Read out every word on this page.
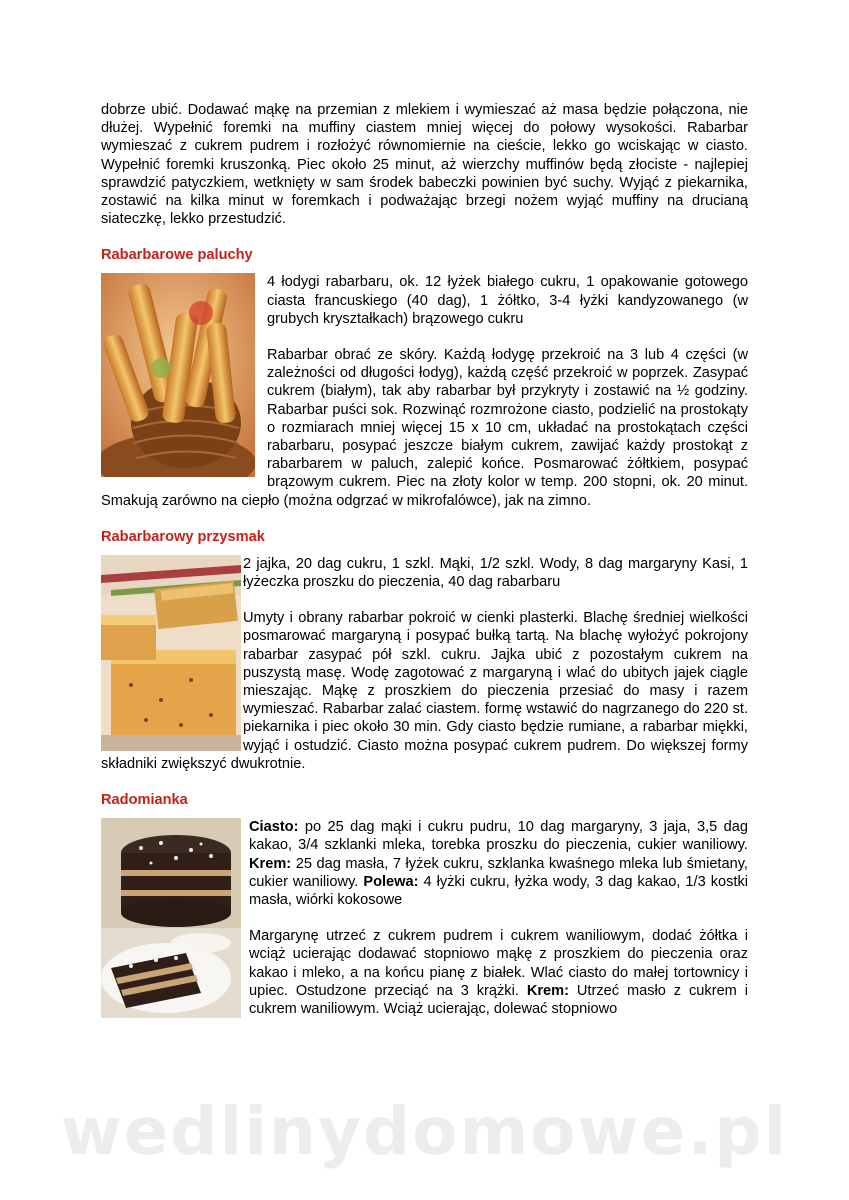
dobrze ubić. Dodawać mąkę na przemian z mlekiem i wymieszać aż masa będzie połączona, nie dłużej. Wypełnić foremki na muffiny ciastem mniej więcej do połowy wysokości. Rabarbar wymieszać z cukrem pudrem i rozłożyć równomiernie na cieście, lekko go wciskając w ciasto. Wypełnić foremki kruszonką. Piec około 25 minut, aż wierzchy muffinów będą złociste - najlepiej sprawdzić patyczkiem, wetknięty w sam środek babeczki powinien być suchy. Wyjąć z piekarnika, zostawić na kilka minut w foremkach i podważając brzegi nożem wyjąć muffiny na drucianą siateczkę, lekko przestudzić.

Rabarbarowe paluchy

4 łodygi rabarbaru, ok. 12 łyżek białego cukru, 1 opakowanie gotowego ciasta francuskiego (40 dag), 1 żółtko, 3-4 łyżki kandyzowanego (w grubych kryształkach) brązowego cukru

Rabarbar obrać ze skóry. Każdą łodygę przekroić na 3 lub 4 części (w zależności od długości łodyg), każdą część przekroić w poprzek. Zasypać cukrem (białym), tak aby rabarbar był przykryty i zostawić na ½ godziny. Rabarbar puści sok. Rozwinąć rozmrożone ciasto, podzielić na prostokąty o rozmiarach mniej więcej 15 x 10 cm, układać na prostokątach części rabarbaru, posypać jeszcze białym cukrem, zawijać każdy prostokąt z rabarbarem w paluch, zalepić końce. Posmarować żółtkiem, posypać brązowym cukrem. Piec na złoty kolor w temp. 200 stopni, ok. 20 minut. Smakują zarówno na ciepło (można odgrzać w mikrofalówce), jak na zimno.

Rabarbarowy przysmak

2 jajka, 20 dag cukru, 1 szkl. Mąki, 1/2 szkl. Wody, 8 dag margaryny Kasi, 1 łyżeczka proszku do pieczenia, 40 dag rabarbaru

Umyty i obrany rabarbar pokroić w cienki plasterki. Blachę średniej wielkości posmarować margaryną i posypać bułką tartą. Na blachę wyłożyć pokrojony rabarbar zasypać pół szkl. cukru. Jajka ubić z pozostałym cukrem na puszystą masę. Wodę zagotować z margaryną i wlać do ubitych jajek ciągle mieszając. Mąkę z proszkiem do pieczenia przesiać do masy i razem wymieszać. Rabarbar zalać ciastem. formę wstawić do nagrzanego do 220 st. piekarnika i piec około 30 min. Gdy ciasto będzie rumiane, a rabarbar miękki, wyjąć i ostudzić. Ciasto można posypać cukrem pudrem. Do większej formy składniki zwiększyć dwukrotnie.

Radomianka

Ciasto: po 25 dag mąki i cukru pudru, 10 dag margaryny, 3 jaja, 3,5 dag kakao, 3/4 szklanki mleka, torebka proszku do pieczenia, cukier waniliowy. Krem: 25 dag masła, 7 łyżek cukru, szklanka kwaśnego mleka lub śmietany, cukier waniliowy. Polewa: 4 łyżki cukru, łyżka wody, 3 dag kakao, 1/3 kostki masła, wiórki kokosowe

Margarynę utrzeć z cukrem pudrem i cukrem waniliowym, dodać żółtka i wciąż ucierając dodawać stopniowo mąkę z proszkiem do pieczenia oraz kakao i mleko, a na końcu pianę z białek. Wlać ciasto do małej tortownicy i upiec. Ostudzone przeciąć na 3 krążki. Krem: Utrzeć masło z cukrem i cukrem waniliowym. Wciąż ucierając, dolewać stopniowo

wedlinydomowe.pl
